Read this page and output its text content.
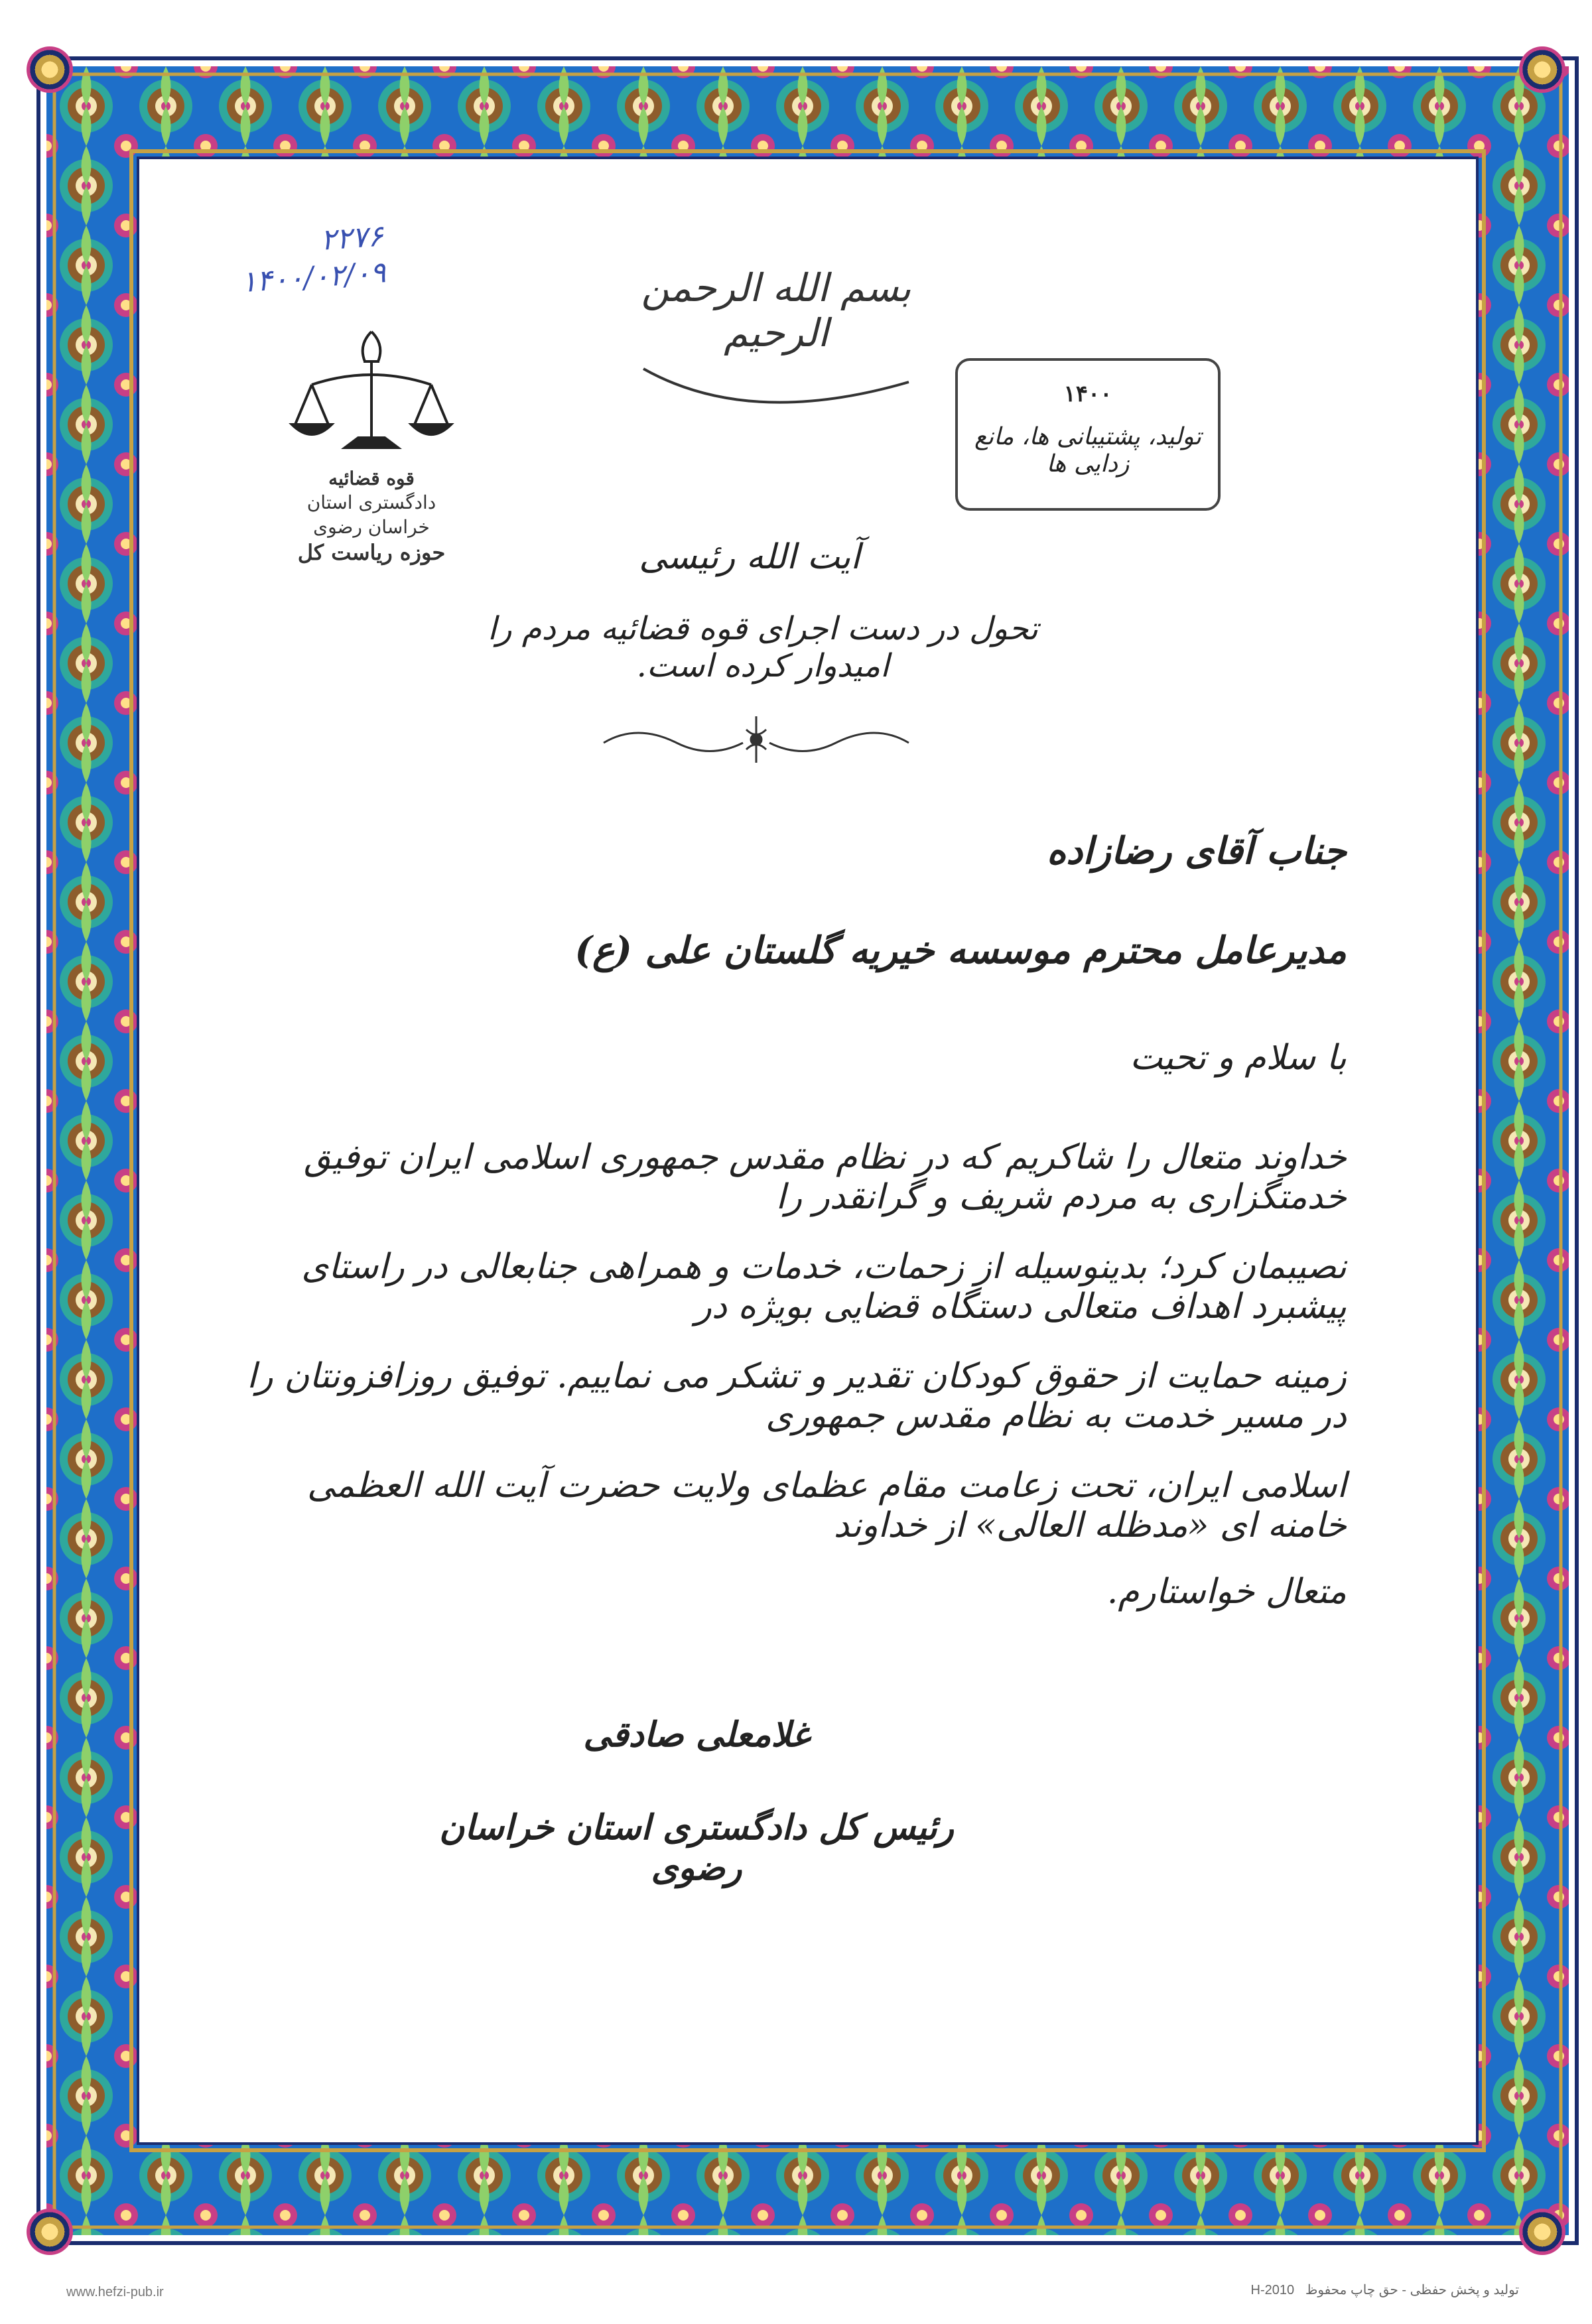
۲۲۷۶
۱۴۰۰/۰۲/۰۹
قوه قضائیه
دادگستری استان خراسان رضوی
حوزه ریاست کل
بسم الله الرحمن الرحیم
۱۴۰۰
تولید، پشتیبانی ها، مانع زدایی ها
آیت الله رئیسی
تحول در دست اجرای قوه قضائیه مردم را امیدوار کرده است.
جناب آقای رضازاده
مدیرعامل محترم موسسه خیریه گلستان علی (ع)
با سلام و تحیت
خداوند متعال را شاکریم که در نظام مقدس جمهوری اسلامی ایران توفیق خدمتگزاری به مردم شریف و گرانقدر را
نصیبمان کرد؛ بدینوسیله از زحمات، خدمات و همراهی جنابعالی در راستای پیشبرد اهداف متعالی دستگاه قضایی بویژه در
زمینه حمایت از حقوق کودکان تقدیر و تشکر می نماییم. توفیق روزافزونتان را در مسیر خدمت به نظام مقدس جمهوری
اسلامی ایران، تحت زعامت مقام عظمای ولایت حضرت آیت الله العظمی خامنه ای «مدظله العالی» از خداوند
متعال خواستارم.
غلامعلی صادقی
رئیس کل دادگستری استان خراسان رضوی
www.hefzi-pub.ir	تولید و پخش حفظی - حق چاپ محفوظ   H-2010
